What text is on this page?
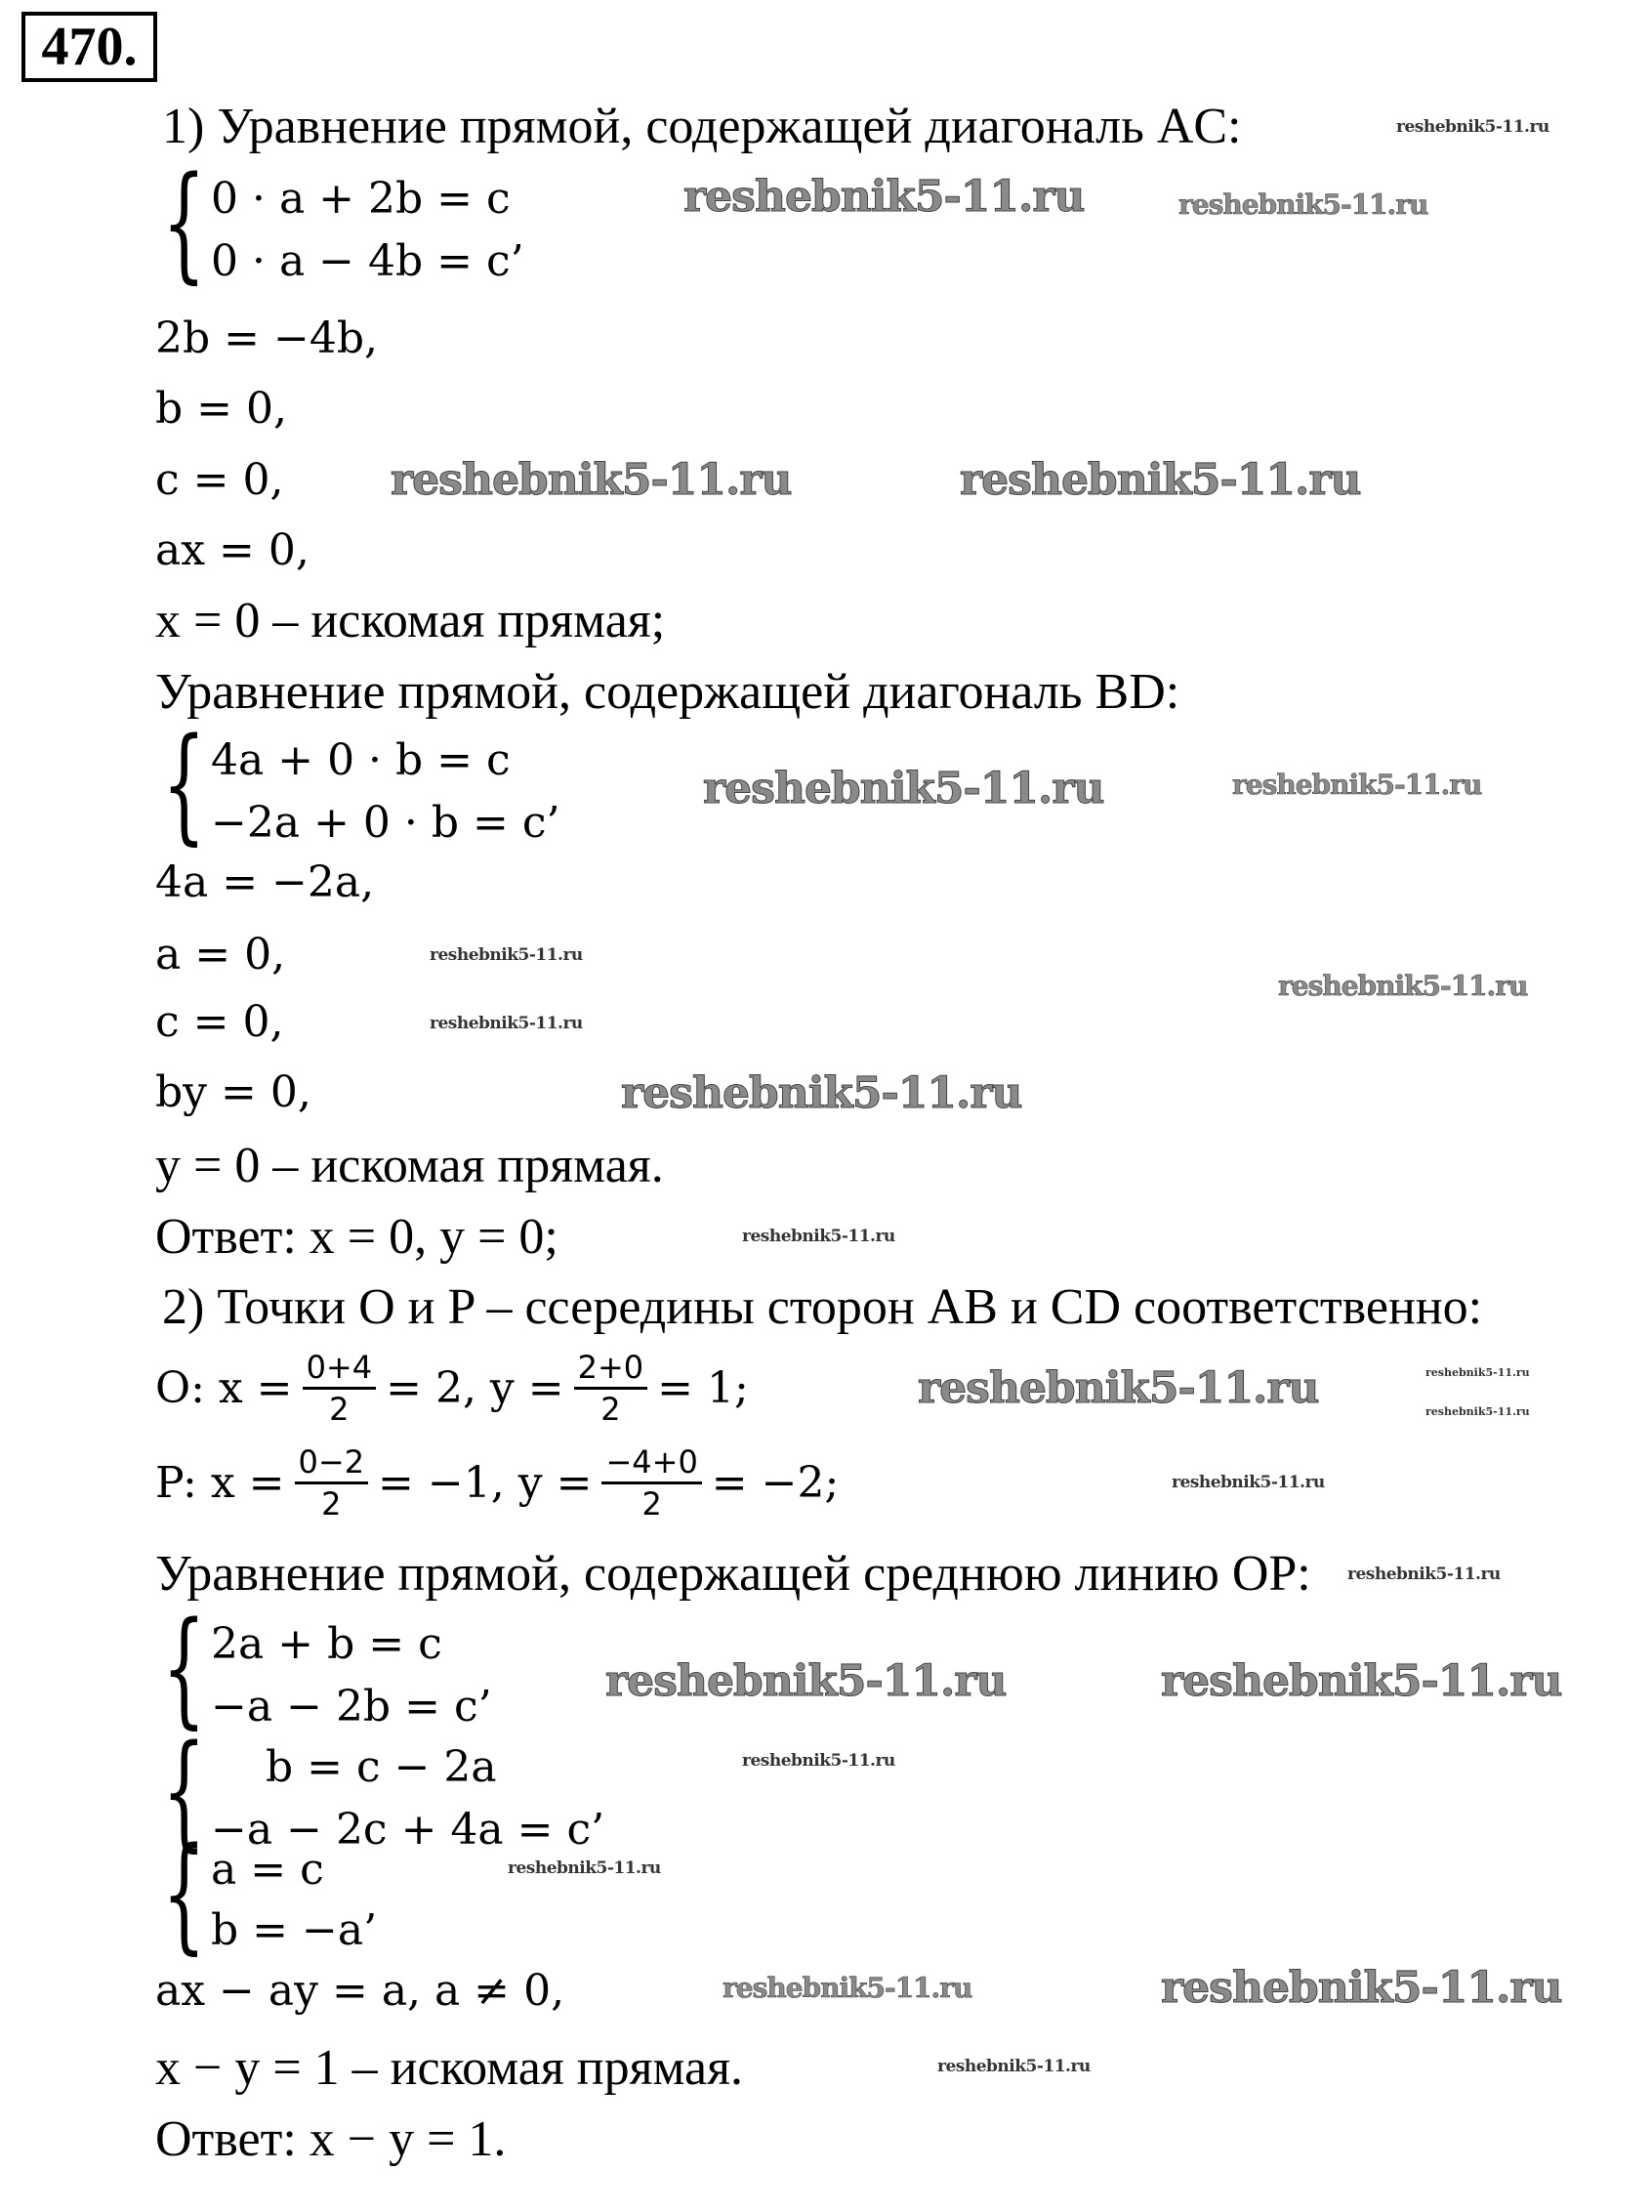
470.
1) Уравнение прямой, содержащей диагональ AC:
{ 0 · a + 2b = c
0 · a − 4b = c’
2b = −4b,
b = 0,
c = 0,
ax = 0,
x = 0 – искомая прямая;
Уравнение прямой, содержащей диагональ BD:
{ 4a + 0 · b = c
−2a + 0 · b = c’
4a = −2a,
a = 0,
c = 0,
by = 0,
y = 0 – искомая прямая.
Ответ: x = 0, y = 0;
2) Точки O и P – ссередины сторон AB и CD соответственно:
O: $x = \frac{0+4}{2} = 2$, $y = \frac{2+0}{2} = 1$;
P: $x = \frac{0-2}{2} = -1$, $y = \frac{-4+0}{2} = -2$;
Уравнение прямой, содержащей среднюю линию OP:
{ 2a + b = c
−a − 2b = c’
{ b = c − 2a
−a − 2c + 4a = c’
{ a = c
b = −a’
ax − ay = a, a ≠ 0,
x − y = 1 – искомая прямая.
Ответ: x − y = 1.
reshebnik5-11.ru
reshebnik5-11.ru	reshebnik5-11.ru
reshebnik5-11.ru	reshebnik5-11.ru
reshebnik5-11.ru	reshebnik5-11.ru
reshebnik5-11.ru
reshebnik5-11.ru
reshebnik5-11.ru
reshebnik5-11.ru
reshebnik5-11.ru
reshebnik5-11.ru
reshebnik5-11.ru
reshebnik5-11.ru
reshebnik5-11.ru
reshebnik5-11.ru
reshebnik5-11.ru	reshebnik5-11.ru
reshebnik5-11.ru
reshebnik5-11.ru
reshebnik5-11.ru	reshebnik5-11.ru
reshebnik5-11.ru
